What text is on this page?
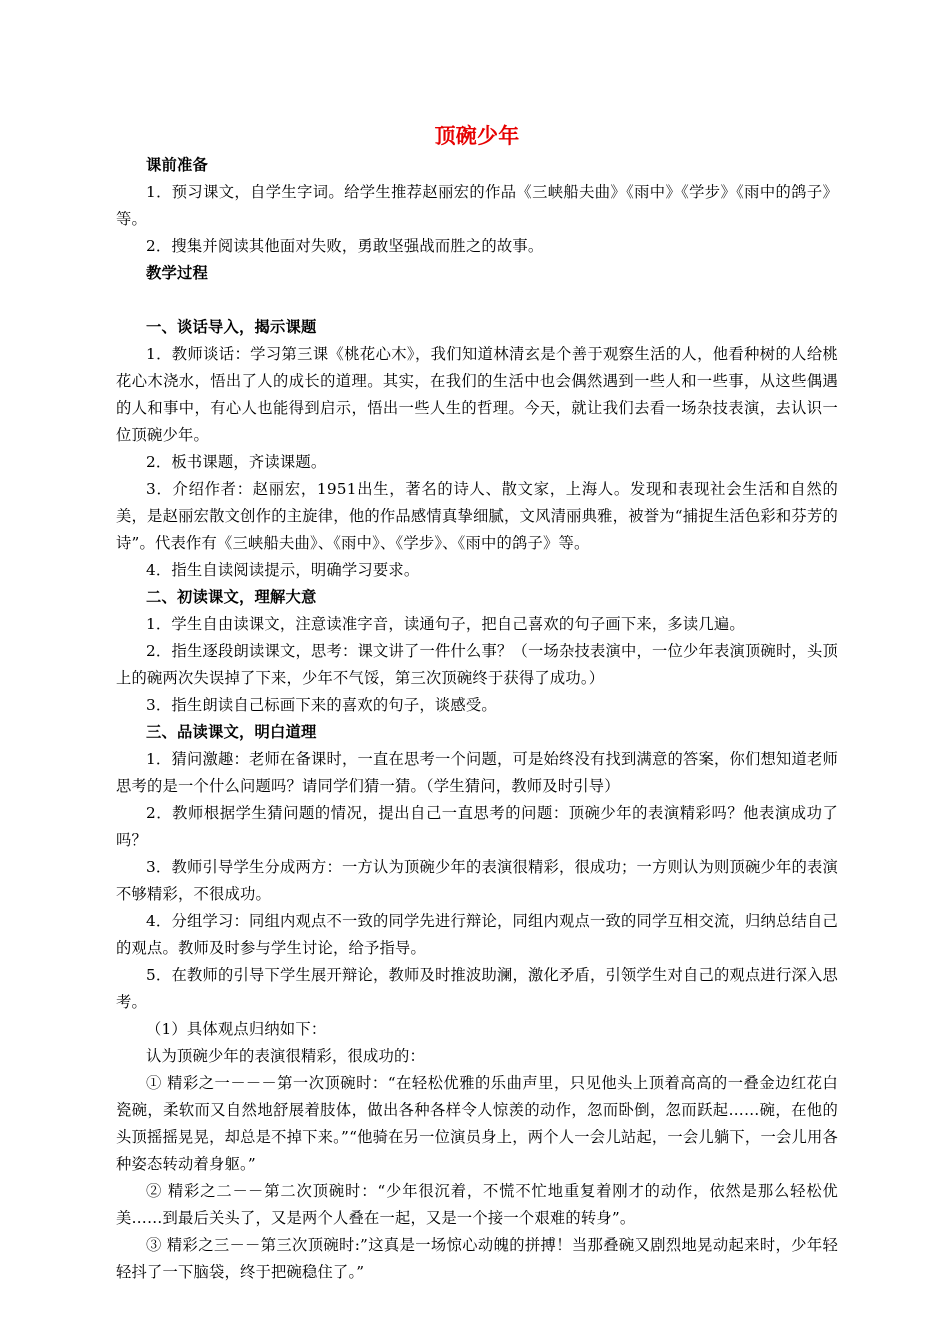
顶碗少年
课前准备
1．预习课文，自学生字词。给学生推荐赵丽宏的作品《三峡船夫曲》《雨中》《学步》《雨中的鸽子》等。
2．搜集并阅读其他面对失败，勇敢坚强战而胜之的故事。
教学过程
一、谈话导入，揭示课题
1．教师谈话：学习第三课《桃花心木》，我们知道林清玄是个善于观察生活的人，他看种树的人给桃花心木浇水，悟出了人的成长的道理。其实，在我们的生活中也会偶然遇到一些人和一些事，从这些偶遇的人和事中，有心人也能得到启示，悟出一些人生的哲理。今天，就让我们去看一场杂技表演，去认识一位顶碗少年。
2．板书课题，齐读课题。
3．介绍作者：赵丽宏，1951出生，著名的诗人、散文家，上海人。发现和表现社会生活和自然的美，是赵丽宏散文创作的主旋律，他的作品感情真挚细腻，文风清丽典雅，被誉为“捕捉生活色彩和芬芳的诗”。代表作有《三峡船夫曲》、《雨中》、《学步》、《雨中的鸽子》等。
4．指生自读阅读提示，明确学习要求。
二、初读课文，理解大意
1．学生自由读课文，注意读准字音，读通句子，把自己喜欢的句子画下来，多读几遍。
2．指生逐段朗读课文，思考：课文讲了一件什么事？（一场杂技表演中，一位少年表演顶碗时，头顶上的碗两次失误掉了下来，少年不气馁，第三次顶碗终于获得了成功。）
3．指生朗读自己标画下来的喜欢的句子，谈感受。
三、品读课文，明白道理
1．猜问激趣：老师在备课时，一直在思考一个问题，可是始终没有找到满意的答案，你们想知道老师思考的是一个什么问题吗？请同学们猜一猜。（学生猜问，教师及时引导）
2．教师根据学生猜问题的情况，提出自己一直思考的问题：顶碗少年的表演精彩吗？他表演成功了吗？
3．教师引导学生分成两方：一方认为顶碗少年的表演很精彩，很成功；一方则认为则顶碗少年的表演不够精彩，不很成功。
4．分组学习：同组内观点不一致的同学先进行辩论，同组内观点一致的同学互相交流，归纳总结自己的观点。教师及时参与学生讨论，给予指导。
5．在教师的引导下学生展开辩论，教师及时推波助澜，激化矛盾，引领学生对自己的观点进行深入思考。
（1）具体观点归纳如下：
认为顶碗少年的表演很精彩，很成功的：
① 精彩之一－－－第一次顶碗时：“在轻松优雅的乐曲声里，只见他头上顶着高高的一叠金边红花白瓷碗，柔软而又自然地舒展着肢体，做出各种各样令人惊羡的动作，忽而卧倒，忽而跃起……碗，在他的头顶摇摇晃晃，却总是不掉下来。”“他骑在另一位演员身上，两个人一会儿站起，一会儿躺下，一会儿用各种姿态转动着身躯。”
② 精彩之二－－第二次顶碗时：“少年很沉着，不慌不忙地重复着刚才的动作，依然是那么轻松优美……到最后关头了，又是两个人叠在一起，又是一个接一个艰难的转身”。
③ 精彩之三－－第三次顶碗时:”这真是一场惊心动魄的拼搏！当那叠碗又剧烈地晃动起来时，少年轻轻抖了一下脑袋，终于把碗稳住了。”
